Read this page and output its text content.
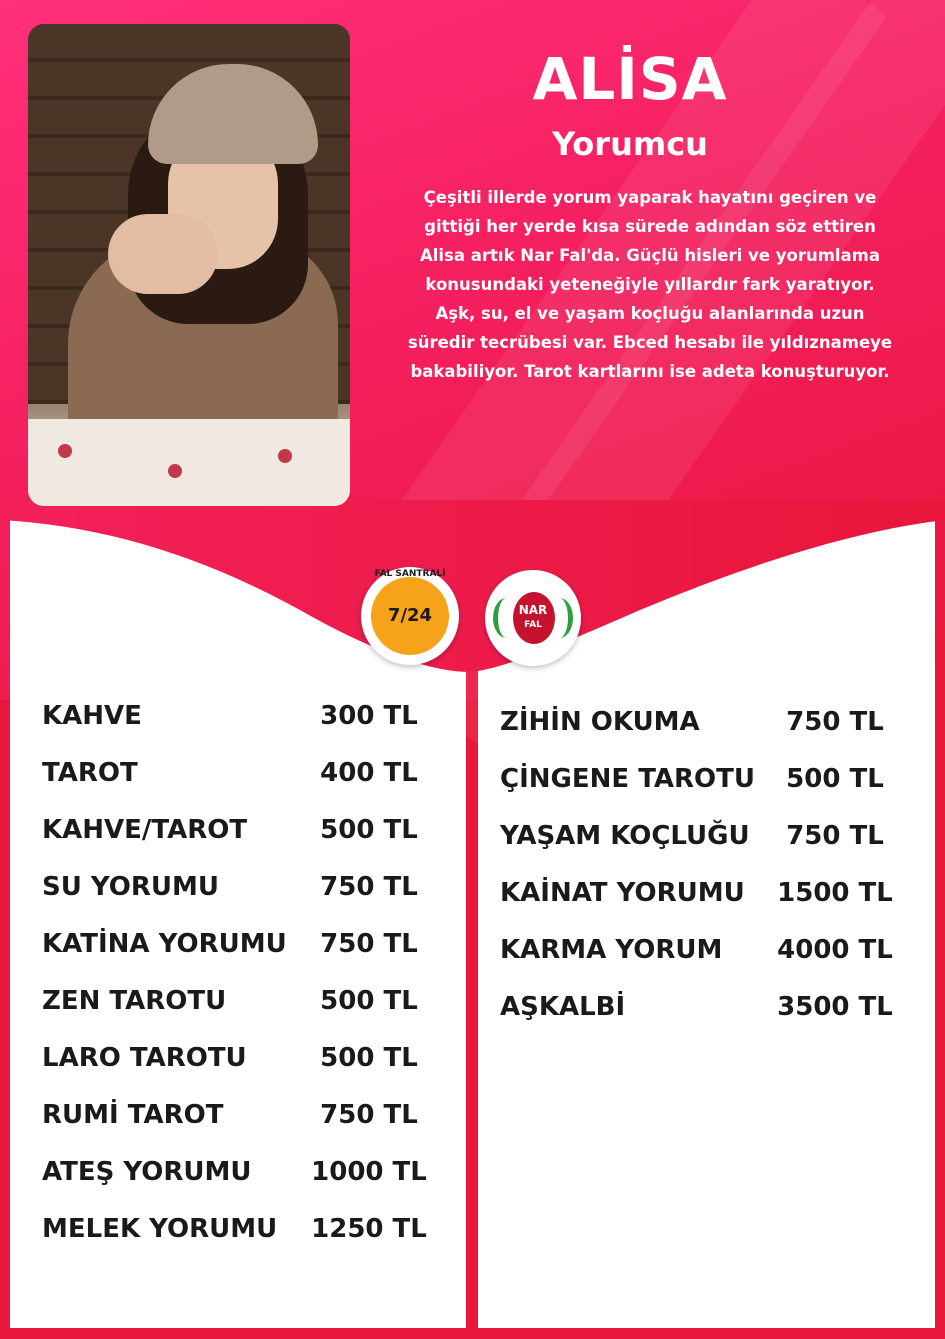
ALİSA
Yorumcu
Çeşitli illerde yorum yaparak hayatını geçiren ve
gittiği her yerde kısa sürede adından söz ettiren
Alisa artık Nar Fal'da. Güçlü hisleri ve yorumlama
konusundaki yeteneğiyle yıllardır fark yaratıyor.
Aşk, su, el ve yaşam koçluğu alanlarında uzun
süredir tecrübesi var. Ebced hesabı ile yıldıznameye
bakabiliyor. Tarot kartlarını ise adeta konuşturuyor.
FAL SANTRALİ
7/24	NAR
FAL
KAHVE	300 TL
TAROT	400 TL
KAHVE/TAROT	500 TL
SU YORUMU	750 TL
KATİNA YORUMU	750 TL
ZEN TAROTU	500 TL
LARO TAROTU	500 TL
RUMİ TAROT	750 TL
ATEŞ YORUMU	1000 TL
MELEK YORUMU	1250 TL
ZİHİN OKUMA	750 TL
ÇİNGENE TAROTU	500 TL
YAŞAM KOÇLUĞU	750 TL
KAİNAT YORUMU	1500 TL
KARMA YORUM	4000 TL
AŞKALBİ	3500 TL
